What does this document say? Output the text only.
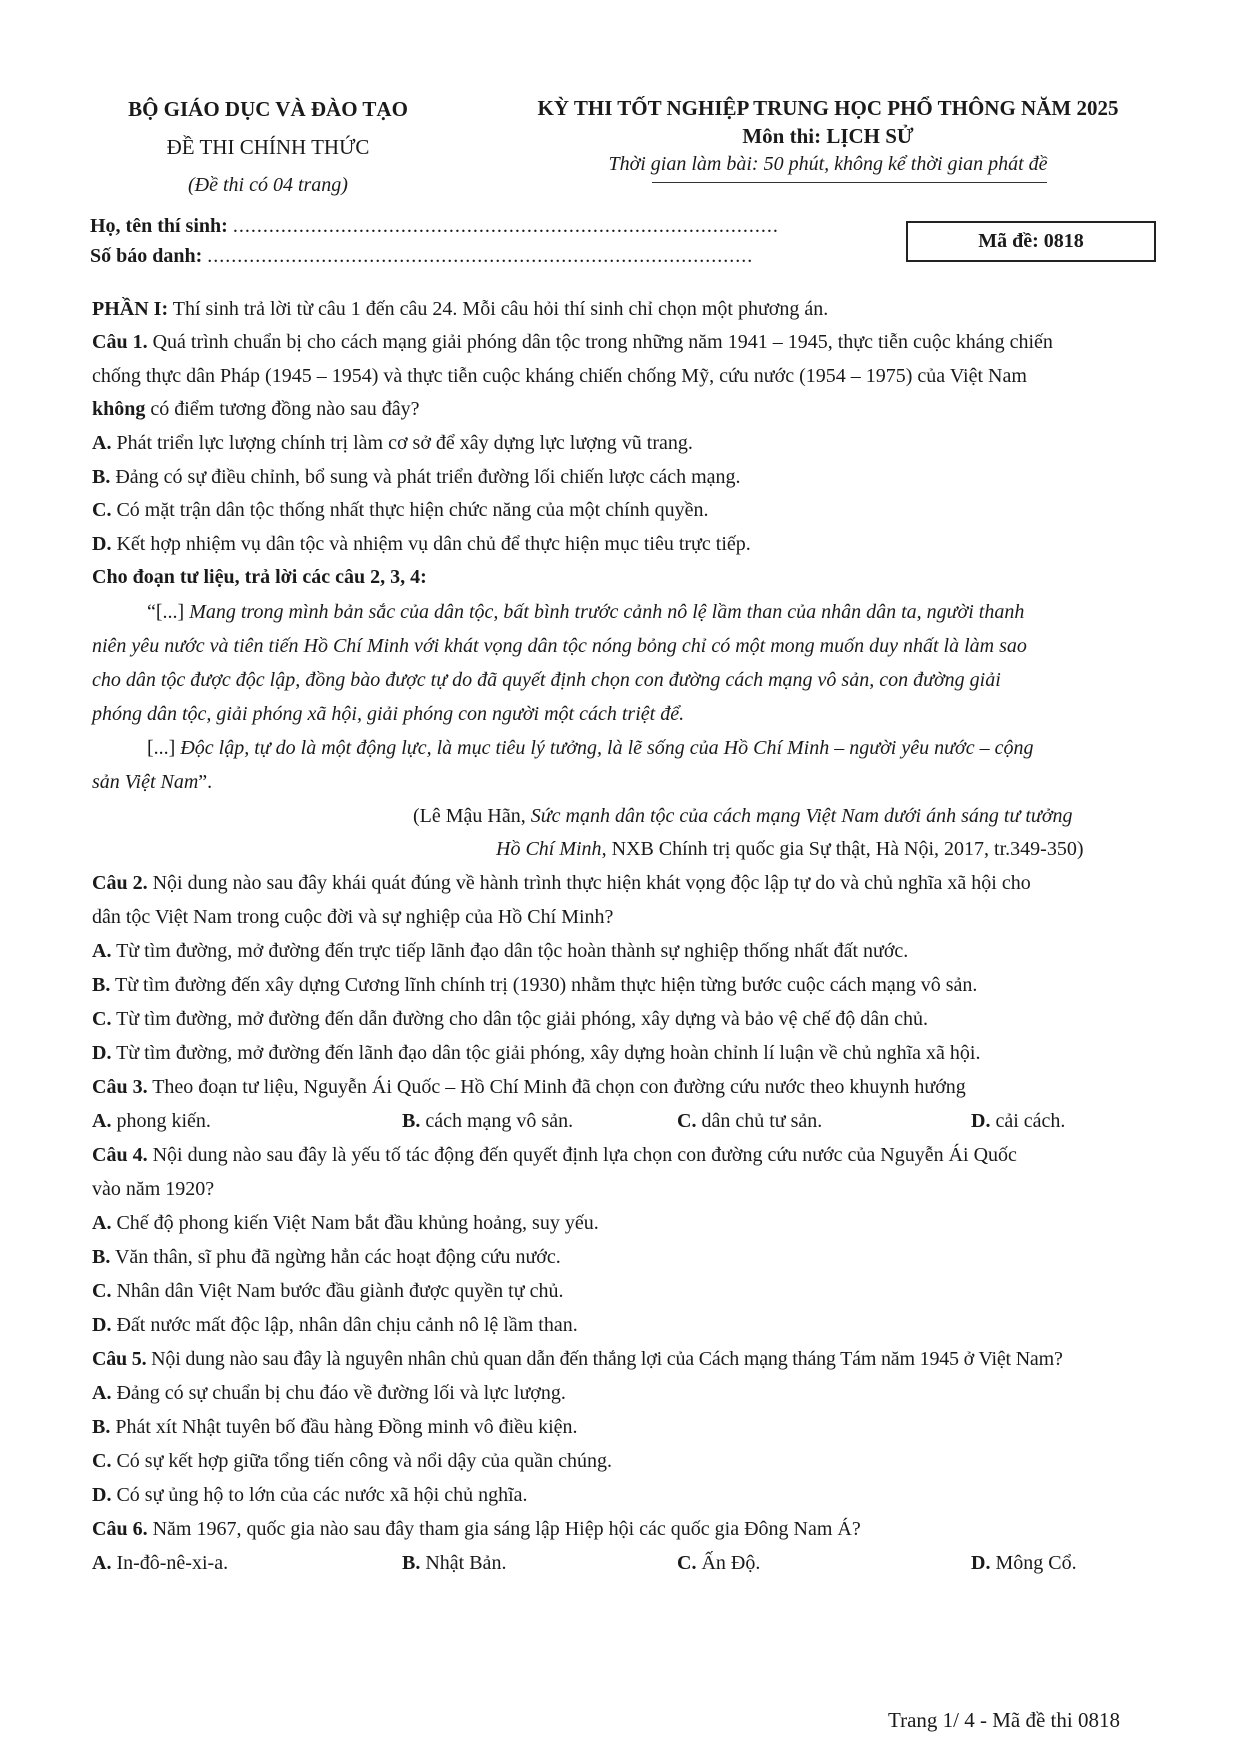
BỘ GIÁO DỤC VÀ ĐÀO TẠO
ĐỀ THI CHÍNH THỨC
(Đề thi có 04 trang)
KỲ THI TỐT NGHIỆP TRUNG HỌC PHỔ THÔNG NĂM 2025
Môn thi: LỊCH SỬ
Thời gian làm bài: 50 phút, không kể thời gian phát đề
Họ, tên thí sinh: ...........................................................................................
Số báo danh: ...........................................................................................
Mã đề: 0818
PHẦN I: Thí sinh trả lời từ câu 1 đến câu 24. Mỗi câu hỏi thí sinh chỉ chọn một phương án.
Câu 1. Quá trình chuẩn bị cho cách mạng giải phóng dân tộc trong những năm 1941 – 1945, thực tiễn cuộc kháng chiến
chống thực dân Pháp (1945 – 1954) và thực tiễn cuộc kháng chiến chống Mỹ, cứu nước (1954 – 1975) của Việt Nam
không có điểm tương đồng nào sau đây?
A. Phát triển lực lượng chính trị làm cơ sở để xây dựng lực lượng vũ trang.
B. Đảng có sự điều chỉnh, bổ sung và phát triển đường lối chiến lược cách mạng.
C. Có mặt trận dân tộc thống nhất thực hiện chức năng của một chính quyền.
D. Kết hợp nhiệm vụ dân tộc và nhiệm vụ dân chủ để thực hiện mục tiêu trực tiếp.
Cho đoạn tư liệu, trả lời các câu 2, 3, 4:
“[...] Mang trong mình bản sắc của dân tộc, bất bình trước cảnh nô lệ lầm than của nhân dân ta, người thanh
niên yêu nước và tiên tiến Hồ Chí Minh với khát vọng dân tộc nóng bỏng chỉ có một mong muốn duy nhất là làm sao
cho dân tộc được độc lập, đồng bào được tự do đã quyết định chọn con đường cách mạng vô sản, con đường giải
phóng dân tộc, giải phóng xã hội, giải phóng con người một cách triệt để.
[...] Độc lập, tự do là một động lực, là mục tiêu lý tưởng, là lẽ sống của Hồ Chí Minh – người yêu nước – cộng
sản Việt Nam”.
(Lê Mậu Hãn, Sức mạnh dân tộc của cách mạng Việt Nam dưới ánh sáng tư tưởng
Hồ Chí Minh, NXB Chính trị quốc gia Sự thật, Hà Nội, 2017, tr.349-350)
Câu 2. Nội dung nào sau đây khái quát đúng về hành trình thực hiện khát vọng độc lập tự do và chủ nghĩa xã hội cho
dân tộc Việt Nam trong cuộc đời và sự nghiệp của Hồ Chí Minh?
A. Từ tìm đường, mở đường đến trực tiếp lãnh đạo dân tộc hoàn thành sự nghiệp thống nhất đất nước.
B. Từ tìm đường đến xây dựng Cương lĩnh chính trị (1930) nhằm thực hiện từng bước cuộc cách mạng vô sản.
C. Từ tìm đường, mở đường đến dẫn đường cho dân tộc giải phóng, xây dựng và bảo vệ chế độ dân chủ.
D. Từ tìm đường, mở đường đến lãnh đạo dân tộc giải phóng, xây dựng hoàn chỉnh lí luận về chủ nghĩa xã hội.
Câu 3. Theo đoạn tư liệu, Nguyễn Ái Quốc – Hồ Chí Minh đã chọn con đường cứu nước theo khuynh hướng
A. phong kiến.	B. cách mạng vô sản.	C. dân chủ tư sản.	D. cải cách.
Câu 4. Nội dung nào sau đây là yếu tố tác động đến quyết định lựa chọn con đường cứu nước của Nguyễn Ái Quốc
vào năm 1920?
A. Chế độ phong kiến Việt Nam bắt đầu khủng hoảng, suy yếu.
B. Văn thân, sĩ phu đã ngừng hẳn các hoạt động cứu nước.
C. Nhân dân Việt Nam bước đầu giành được quyền tự chủ.
D. Đất nước mất độc lập, nhân dân chịu cảnh nô lệ lầm than.
Câu 5. Nội dung nào sau đây là nguyên nhân chủ quan dẫn đến thắng lợi của Cách mạng tháng Tám năm 1945 ở Việt Nam?
A. Đảng có sự chuẩn bị chu đáo về đường lối và lực lượng.
B. Phát xít Nhật tuyên bố đầu hàng Đồng minh vô điều kiện.
C. Có sự kết hợp giữa tổng tiến công và nổi dậy của quần chúng.
D. Có sự ủng hộ to lớn của các nước xã hội chủ nghĩa.
Câu 6. Năm 1967, quốc gia nào sau đây tham gia sáng lập Hiệp hội các quốc gia Đông Nam Á?
A. In-đô-nê-xi-a.	B. Nhật Bản.	C. Ấn Độ.	D. Mông Cổ.
Trang 1/ 4 - Mã đề thi 0818
